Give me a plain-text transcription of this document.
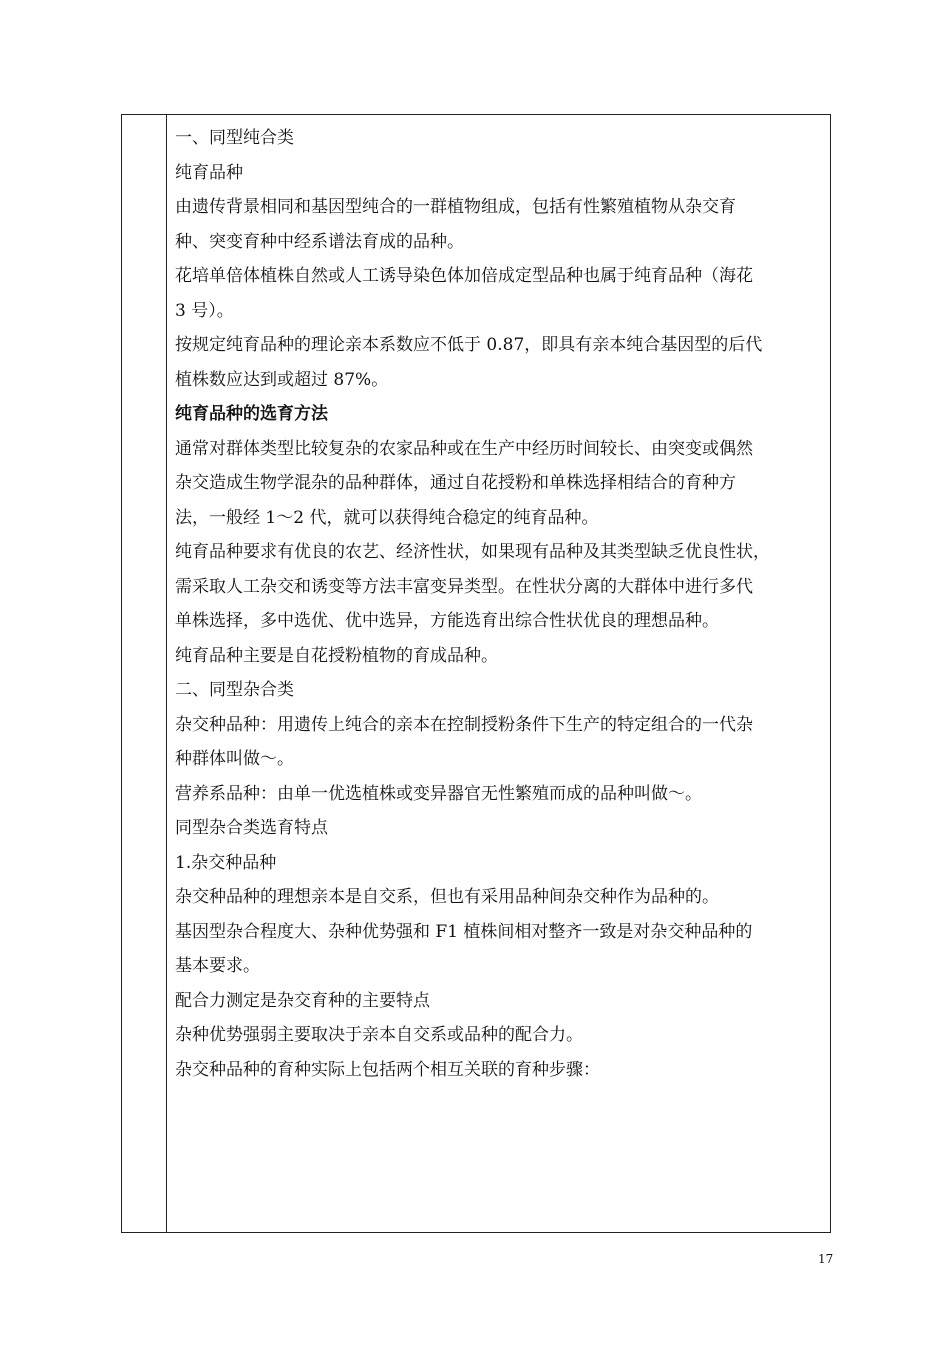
一、同型纯合类
纯育品种
由遗传背景相同和基因型纯合的一群植物组成，包括有性繁殖植物从杂交育
种、突变育种中经系谱法育成的品种。
花培单倍体植株自然或人工诱导染色体加倍成定型品种也属于纯育品种（海花
3 号）。
按规定纯育品种的理论亲本系数应不低于 0.87，即具有亲本纯合基因型的后代
植株数应达到或超过 87%。
纯育品种的选育方法
通常对群体类型比较复杂的农家品种或在生产中经历时间较长、由突变或偶然
杂交造成生物学混杂的品种群体，通过自花授粉和单株选择相结合的育种方
法，一般经 1～2 代，就可以获得纯合稳定的纯育品种。
纯育品种要求有优良的农艺、经济性状，如果现有品种及其类型缺乏优良性状，
需采取人工杂交和诱变等方法丰富变异类型。在性状分离的大群体中进行多代
单株选择，多中选优、优中选异，方能选育出综合性状优良的理想品种。
纯育品种主要是自花授粉植物的育成品种。
二、同型杂合类
杂交种品种：用遗传上纯合的亲本在控制授粉条件下生产的特定组合的一代杂
种群体叫做～。
营养系品种：由单一优选植株或变异器官无性繁殖而成的品种叫做～。
同型杂合类选育特点
1.杂交种品种
杂交种品种的理想亲本是自交系，但也有采用品种间杂交种作为品种的。
基因型杂合程度大、杂种优势强和 F1 植株间相对整齐一致是对杂交种品种的
基本要求。
配合力测定是杂交育种的主要特点
杂种优势强弱主要取决于亲本自交系或品种的配合力。
杂交种品种的育种实际上包括两个相互关联的育种步骤：
17
